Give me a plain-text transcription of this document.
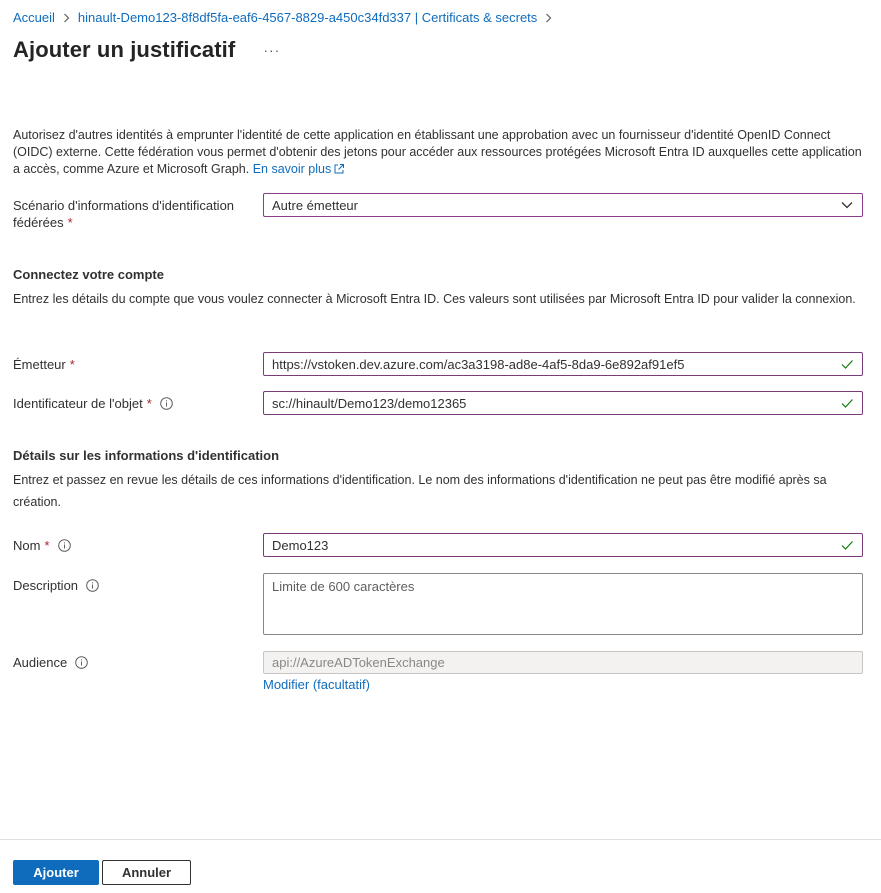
Accueil hinault-Demo123-8f8df5fa-eaf6-4567-8829-a450c34fd337 | Certificats & secrets
Ajouter un justificatif ···

Autorisez d'autres identités à emprunter l'identité de cette application en établissant une approbation avec un fournisseur d'identité OpenID Connect (OIDC) externe. Cette fédération vous permet d'obtenir des jetons pour accéder aux ressources protégées Microsoft Entra ID auxquelles cette application a accès, comme Azure et Microsoft Graph. En savoir plus

Scénario d'informations d'identification
fédérées *
Autre émetteur
Connectez votre compte
Entrez les détails du compte que vous voulez connecter à Microsoft Entra ID. Ces valeurs sont utilisées par Microsoft Entra ID pour valider la connexion.
Émetteur *	https://vstoken.dev.azure.com/ac3a3198-ad8e-4af5-8da9-6e892af91ef5
Identificateur de l'objet *	sc://hinault/Demo123/demo12365
Détails sur les informations d'identification
Entrez et passez en revue les détails de ces informations d'identification. Le nom des informations d'identification ne peut pas être modifié après sa création.
Nom *	Demo123
Description	Limite de 600 caractères
Audience	api://AzureADTokenExchange
Modifier (facultatif)
Ajouter	Annuler
